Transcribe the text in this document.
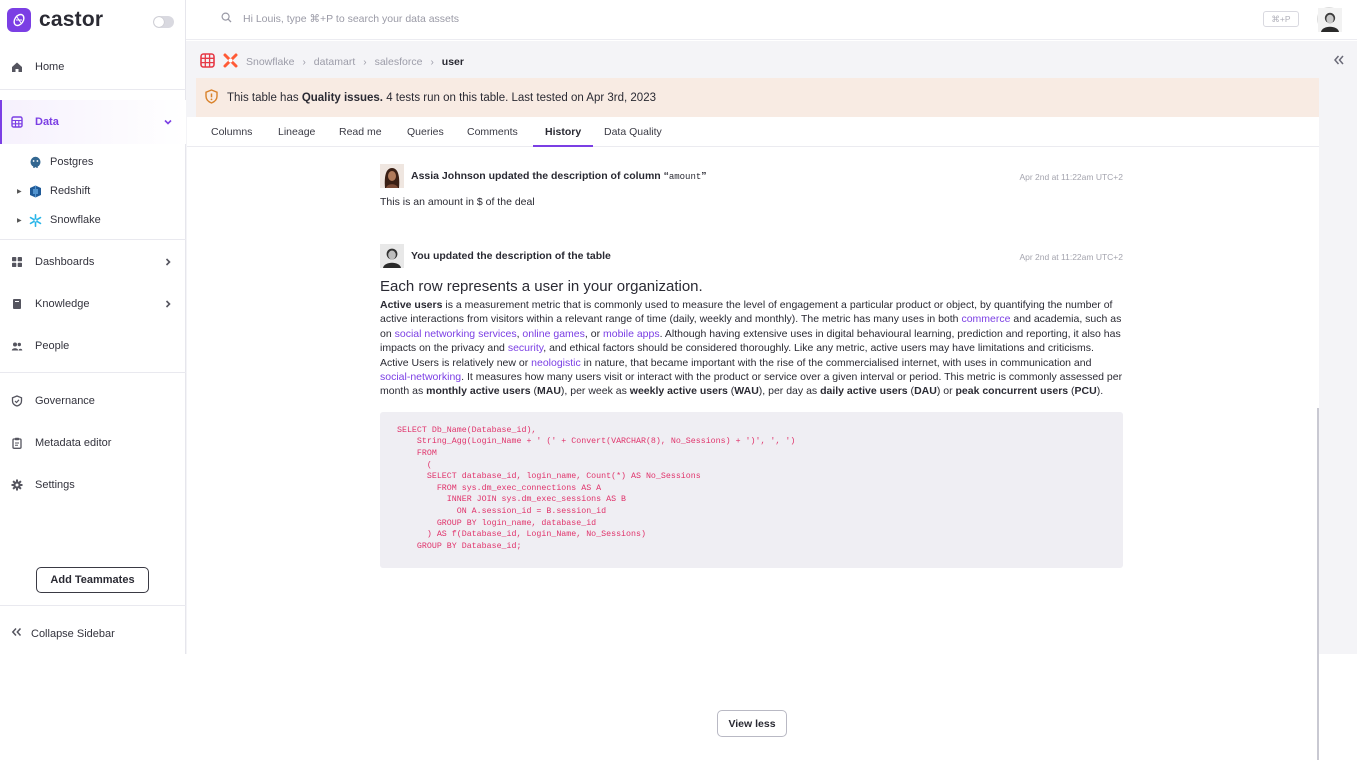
castor
Home
Data
Postgres
▶	Redshift
▶	Snowflake
Dashboards
Knowledge
People
Governance
Metadata editor
Settings
Add Teammates
Collapse Sidebar
Hi Louis, type ⌘+P to search your data assets	⌘+P
Snowflake › datamart › salesforce › user
This table has Quality issues. 4 tests run on this table. Last tested on Apr 3rd, 2023
Columns	Lineage	Read me	Queries	Comments	History	Data Quality
Assia Johnson updated the description of column “amount”	Apr 2nd at 11:22am UTC+2
This is an amount in $ of the deal
You updated the description of the table	Apr 2nd at 11:22am UTC+2
Each row represents a user in your organization.

Active users is a measurement metric that is commonly used to measure the level of engagement a particular product or object, by quantifying the number of active interactions from visitors within a relevant range of time (daily, weekly and monthly). The metric has many uses in both commerce and academia, such as on social networking services, online games, or mobile apps. Although having extensive uses in digital behavioural learning, prediction and reporting, it also has impacts on the privacy and security, and ethical factors should be considered thoroughly. Like any metric, active users may have limitations and criticisms. Active Users is relatively new or neologistic in nature, that became important with the rise of the commercialised internet, with uses in communication and social-networking. It measures how many users visit or interact with the product or service over a given interval or period. This metric is commonly assessed per month as monthly active users (MAU), per week as weekly active users (WAU), per day as daily active users (DAU) or peak concurrent users (PCU).

SELECT Db_Name(Database_id),
String_Agg(Login_Name + ' (' + Convert(VARCHAR(8), No_Sessions) + ')', ', ')
FROM
(
SELECT database_id, login_name, Count(*) AS No_Sessions
FROM sys.dm_exec_connections AS A
INNER JOIN sys.dm_exec_sessions AS B
ON A.session_id = B.session_id
GROUP BY login_name, database_id
) AS f(Database_id, Login_Name, No_Sessions)
GROUP BY Database_id;
View less
